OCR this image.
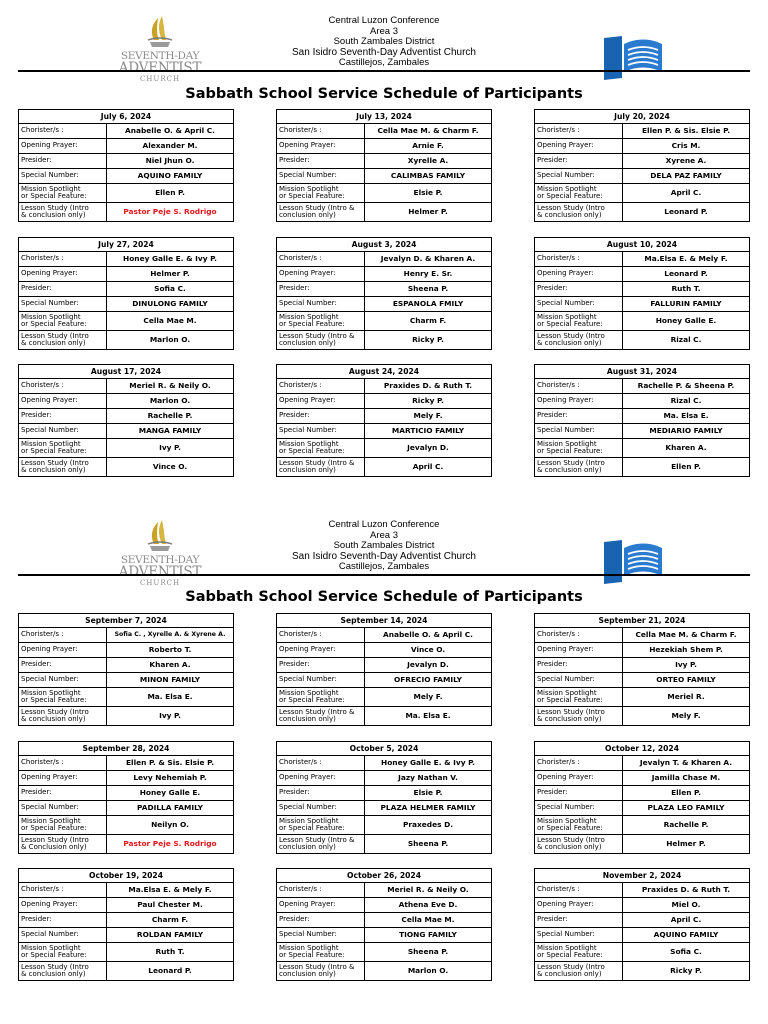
SEVENTH-DAY
ADVENTIST
CHURCH
Central Luzon Conference
Area 3
South Zambales District
San Isidro Seventh-Day Adventist Church
Castillejos, Zambales
Sabbath School Service Schedule of Participants
SEVENTH-DAY
ADVENTIST
CHURCH
Central Luzon Conference
Area 3
South Zambales District
San Isidro Seventh-Day Adventist Church
Castillejos, Zambales
Sabbath School Service Schedule of Participants
July 6, 2024
Chorister/s :	Anabelle O. & April C.
Opening Prayer:	Alexander M.
Presider:	Niel Jhun O.
Special Number:	AQUINO FAMILY
Mission Spotlight
or Special Feature:	Ellen P.
Lesson Study (Intro
& conclusion only)	Pastor Peje S. Rodrigo
July 13, 2024
Chorister/s :	Cella Mae M. & Charm F.
Opening Prayer:	Arnie F.
Presider:	Xyrelle A.
Special Number:	CALIMBAS FAMILY
Mission Spotlight
or Special Feature:	Elsie P.
Lesson Study (Intro &
conclusion only)	Helmer P.
July 20, 2024
Chorister/s :	Ellen P. & Sis. Elsie P.
Opening Prayer:	Cris M.
Presider:	Xyrene A.
Special Number:	DELA PAZ FAMILY
Mission Spotlight
or Special Feature:	April C.
Lesson Study (Intro
& conclusion only)	Leonard P.
July 27, 2024
Chorister/s :	Honey Galle E. & Ivy P.
Opening Prayer:	Helmer P.
Presider:	Sofia C.
Special Number:	DINULONG FAMILY
Mission Spotlight
or Special Feature:	Cella Mae M.
Lesson Study (Intro
& conclusion only)	Marlon O.
August 3, 2024
Chorister/s :	Jevalyn D. & Kharen A.
Opening Prayer:	Henry E. Sr.
Presider:	Sheena P.
Special Number:	ESPANOLA FMILY
Mission Spotlight
or Special Feature:	Charm F.
Lesson Study (Intro &
conclusion only)	Ricky P.
August 10, 2024
Chorister/s :	Ma.Elsa E. & Mely F.
Opening Prayer:	Leonard P.
Presider:	Ruth T.
Special Number:	FALLURIN FAMILY
Mission Spotlight
or Special Feature:	Honey Galle E.
Lesson Study (Intro
& conclusion only)	Rizal C.
August 17, 2024
Chorister/s :	Meriel R. & Neily O.
Opening Prayer:	Marlon O.
Presider:	Rachelle P.
Special Number:	MANGA FAMILY
Mission Spotlight
or Special Feature:	Ivy P.
Lesson Study (Intro
& conclusion only)	Vince O.
August 24, 2024
Chorister/s :	Praxides D. & Ruth T.
Opening Prayer:	Ricky P.
Presider:	Mely F.
Special Number:	MARTICIO FAMILY
Mission Spotlight
or Special Feature:	Jevalyn D.
Lesson Study (Intro &
conclusion only)	April C.
August 31, 2024
Chorister/s :	Rachelle P. & Sheena P.
Opening Prayer:	Rizal C.
Presider:	Ma. Elsa E.
Special Number:	MEDIARIO FAMILY
Mission Spotlight
or Special Feature:	Kharen A.
Lesson Study (Intro
& conclusion only)	Ellen P.
September 7, 2024
Chorister/s :	Sofia C. , Xyrelle A. & Xyrene A.
Opening Prayer:	Roberto T.
Presider:	Kharen A.
Special Number:	MINON FAMILY
Mission Spotlight
or Special Feature:	Ma. Elsa E.
Lesson Study (Intro
& conclusion only)	Ivy P.
September 14, 2024
Chorister/s :	Anabelle O. & April C.
Opening Prayer:	Vince O.
Presider:	Jevalyn D.
Special Number:	OFRECIO FAMILY
Mission Spotlight
or Special Feature:	Mely F.
Lesson Study (Intro &
conclusion only)	Ma. Elsa E.
September 21, 2024
Chorister/s :	Cella Mae M. & Charm F.
Opening Prayer:	Hezekiah Shem P.
Presider:	Ivy P.
Special Number:	ORTEO FAMILY
Mission Spotlight
or Special Feature:	Meriel R.
Lesson Study (Intro
& conclusion only)	Mely F.
September 28, 2024
Chorister/s :	Ellen P. & Sis. Elsie P.
Opening Prayer:	Levy Nehemiah P.
Presider:	Honey Galle E.
Special Number:	PADILLA FAMILY
Mission Spotlight
or Special Feature:	Neilyn O.
Lesson Study (Intro
& Conclusion only)	Pastor Peje S. Rodrigo
October 5, 2024
Chorister/s :	Honey Galle E. & Ivy P.
Opening Prayer:	Jazy Nathan V.
Presider:	Elsie P.
Special Number:	PLAZA HELMER FAMILY
Mission Spotlight
or Special Feature:	Praxedes D.
Lesson Study (Intro &
conclusion only)	Sheena P.
October 12, 2024
Chorister/s :	Jevalyn T. & Kharen A.
Opening Prayer:	Jamilla Chase M.
Presider:	Ellen P.
Special Number:	PLAZA LEO FAMILY
Mission Spotlight
or Special Feature:	Rachelle P.
Lesson Study (Intro
& conclusion only)	Helmer P.
October 19, 2024
Chorister/s :	Ma.Elsa E. & Mely F.
Opening Prayer:	Paul Chester M.
Presider:	Charm F.
Special Number:	ROLDAN FAMILY
Mission Spotlight
or Special Feature:	Ruth T.
Lesson Study (Intro
& conclusion only)	Leonard P.
October 26, 2024
Chorister/s :	Meriel R. & Neily O.
Opening Prayer:	Athena Eve D.
Presider:	Cella Mae M.
Special Number:	TIONG FAMILY
Mission Spotlight
or Special Feature:	Sheena P.
Lesson Study (Intro &
conclusion only)	Marlon O.
November 2, 2024
Chorister/s :	Praxides D. & Ruth T.
Opening Prayer:	Miel O.
Presider:	April C.
Special Number:	AQUINO FAMILY
Mission Spotlight
or Special Feature:	Sofia C.
Lesson Study (Intro
& conclusion only)	Ricky P.
